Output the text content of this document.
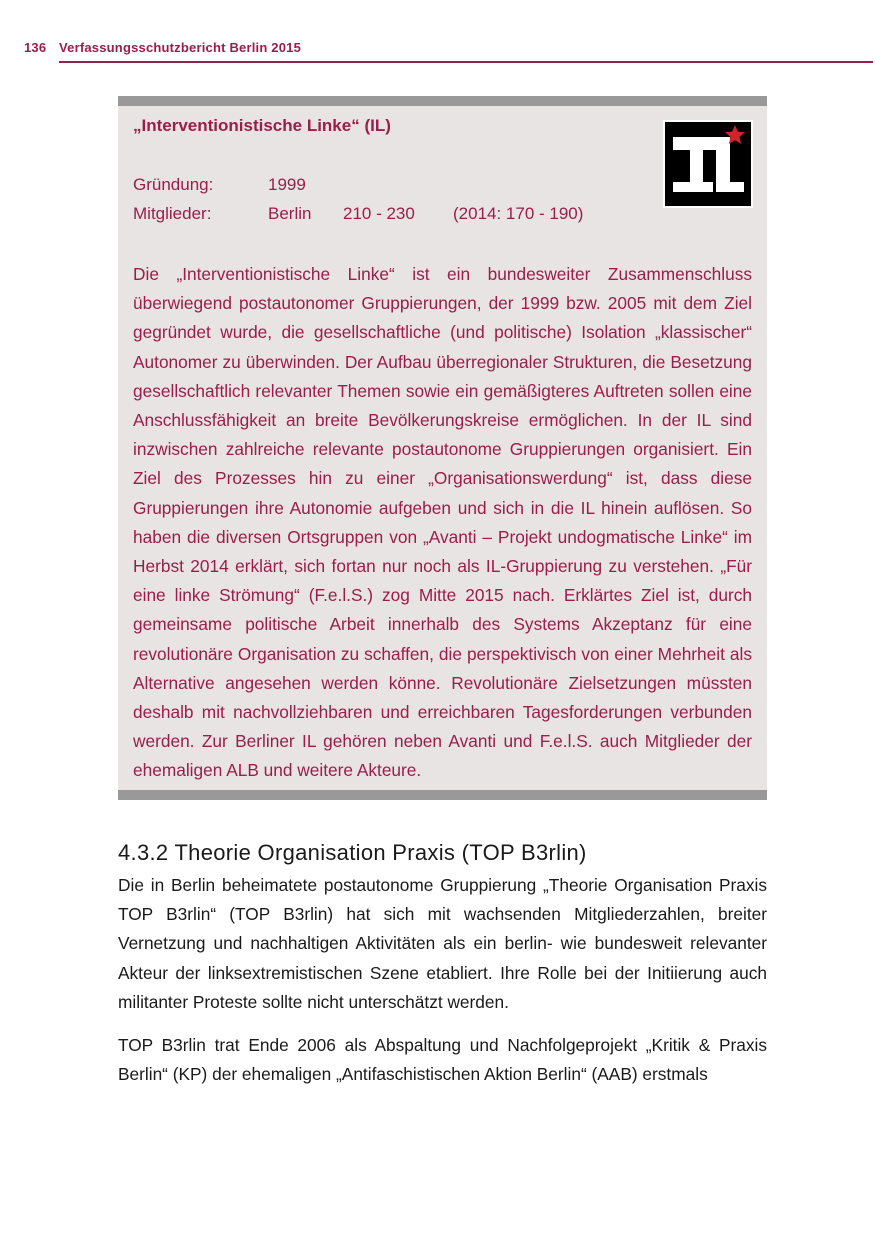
136 Verfassungsschutzbericht Berlin 2015
„Interventionistische Linke“ (IL)
Gründung:	1999
Mitglieder:	Berlin 210 - 230 (2014: 170 - 190)

Die „Interventionistische Linke“ ist ein bundesweiter Zusammenschluss überwiegend postautonomer Gruppierungen, der 1999 bzw. 2005 mit dem Ziel gegründet wurde, die gesellschaftliche (und politische) Isolation „klassischer“ Autonomer zu überwinden. Der Aufbau überregionaler Strukturen, die Besetzung gesellschaftlich relevanter Themen sowie ein gemäßigteres Auftreten sollen eine Anschlussfähigkeit an breite Bevölkerungskreise ermöglichen. In der IL sind inzwischen zahlreiche relevante postautonome Gruppierungen organisiert. Ein Ziel des Prozesses hin zu einer „Organisationswerdung“ ist, dass diese Gruppierungen ihre Autonomie aufgeben und sich in die IL hinein auflösen. So haben die diversen Ortsgruppen von „Avanti – Projekt undogmatische Linke“ im Herbst 2014 erklärt, sich fortan nur noch als IL-Gruppierung zu verstehen. „Für eine linke Strömung“ (F.e.l.S.) zog Mitte 2015 nach. Erklärtes Ziel ist, durch gemeinsame politische Arbeit innerhalb des Systems Akzeptanz für eine revolutionäre Organisation zu schaffen, die perspektivisch von einer Mehrheit als Alternative angesehen werden könne. Revolutionäre Zielsetzungen müssten deshalb mit nachvollziehbaren und erreichbaren Tagesforderungen verbunden werden. Zur Berliner IL gehören neben Avanti und F.e.l.S. auch Mitglieder der ehemaligen ALB und weitere Akteure.

4.3.2 Theorie Organisation Praxis (TOP B3rlin)

Die in Berlin beheimatete postautonome Gruppierung „Theorie Organisation Praxis TOP B3rlin“ (TOP B3rlin) hat sich mit wachsenden Mitgliederzahlen, breiter Vernetzung und nachhaltigen Aktivitäten als ein berlin- wie bundesweit relevanter Akteur der linksextremistischen Szene etabliert. Ihre Rolle bei der Initiierung auch militanter Proteste sollte nicht unterschätzt werden.

TOP B3rlin trat Ende 2006 als Abspaltung und Nachfolgeprojekt „Kritik & Praxis Berlin“ (KP) der ehemaligen „Antifaschistischen Aktion Berlin“ (AAB) erstmals
